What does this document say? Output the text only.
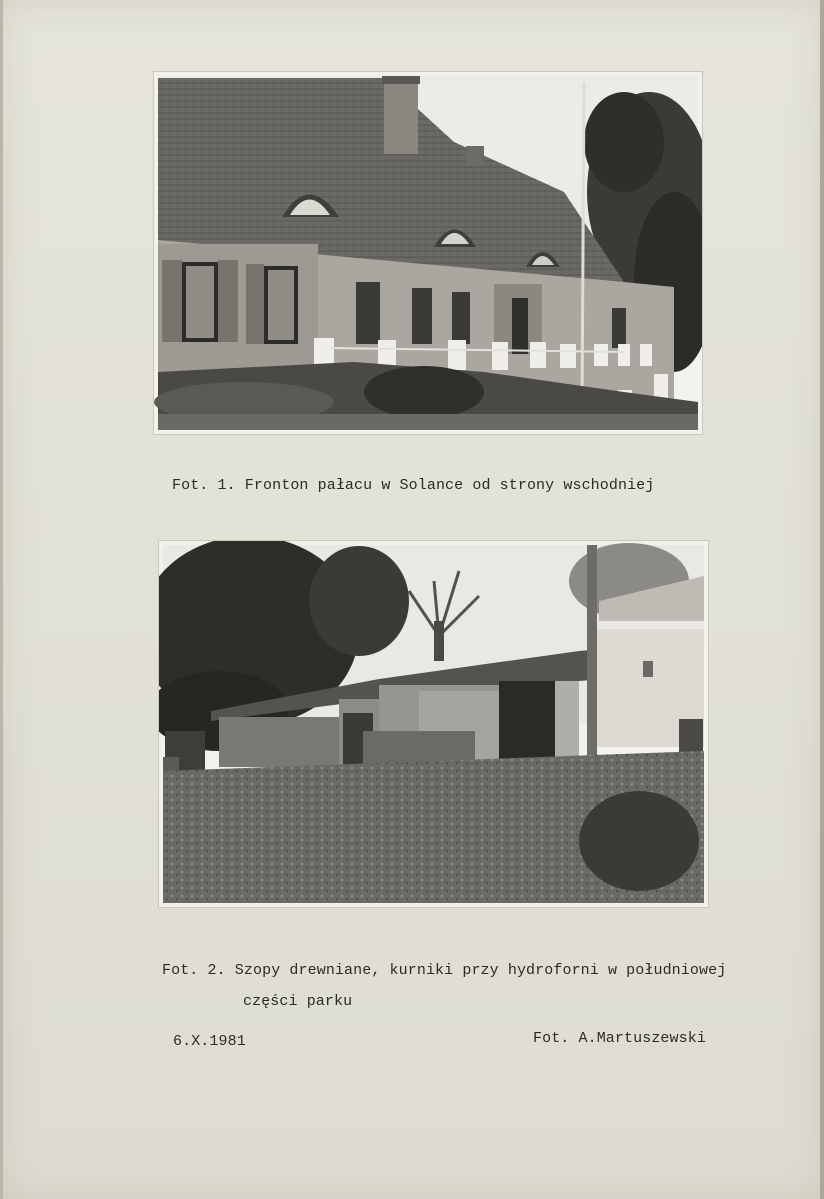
Fot. 1. Fronton pałacu w Solance od strony wschodniej
Fot. 2. Szopy drewniane, kurniki przy hydroforni w południowej
części parku
6.X.1981	Fot. A.Martuszewski
